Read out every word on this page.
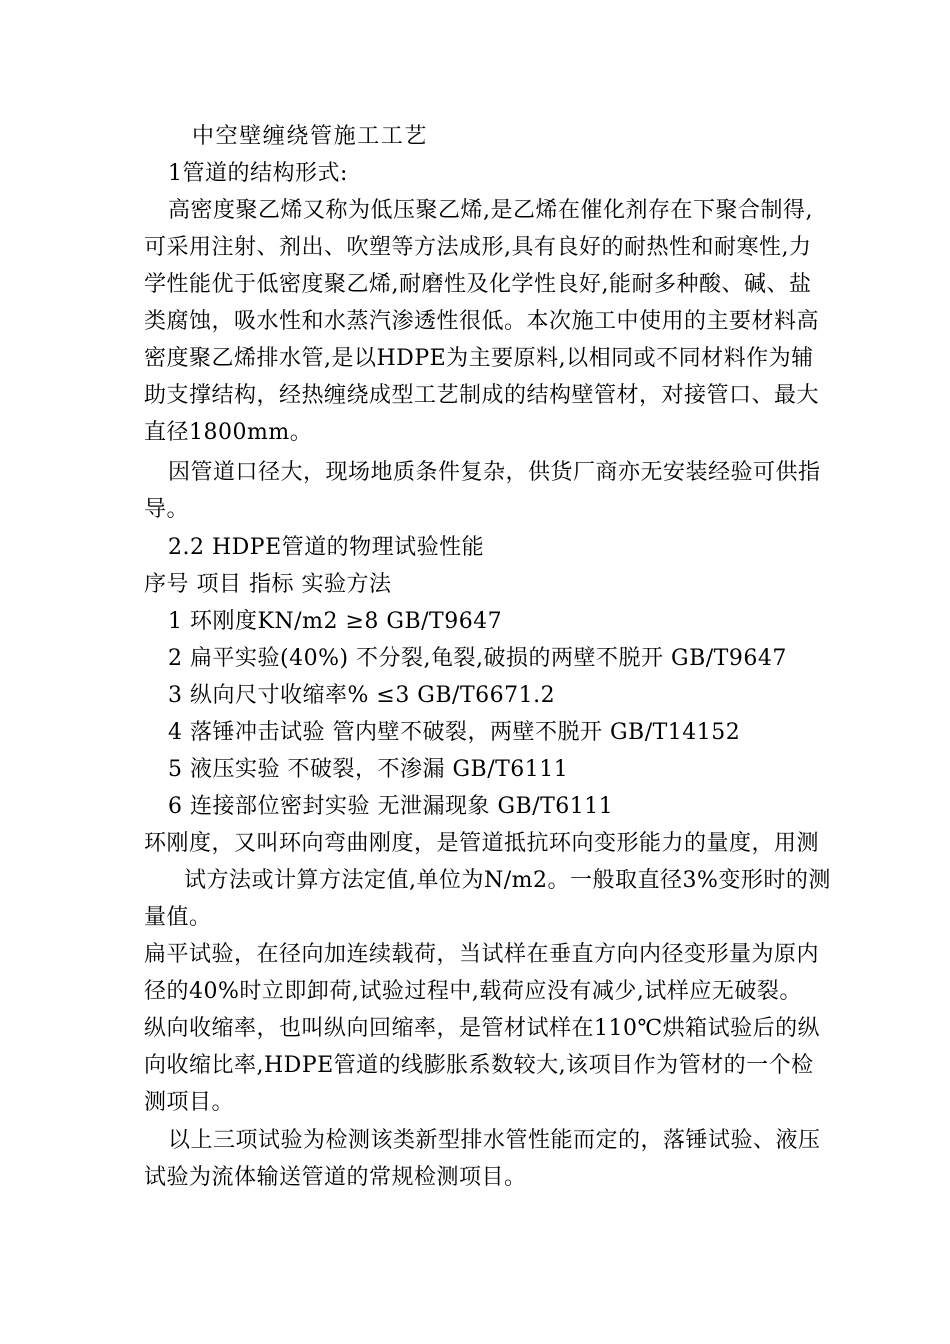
中空壁缠绕管施工工艺
1管道的结构形式:
高密度聚乙烯又称为低压聚乙烯,是乙烯在催化剂存在下聚合制得,
可采用注射、剂出、吹塑等方法成形,具有良好的耐热性和耐寒性,力
学性能优于低密度聚乙烯,耐磨性及化学性良好,能耐多种酸、碱、盐
类腐蚀，吸水性和水蒸汽渗透性很低。本次施工中使用的主要材料高
密度聚乙烯排水管,是以HDPE为主要原料,以相同或不同材料作为辅
助支撑结构，经热缠绕成型工艺制成的结构壁管材，对接管口、最大
直径1800mm。
因管道口径大，现场地质条件复杂，供货厂商亦无安装经验可供指
导。
2.2 HDPE管道的物理试验性能
序号 项目 指标 实验方法
1 环刚度KN/m2 ≥8 GB/T9647
2 扁平实验(40%) 不分裂,龟裂,破损的两壁不脱开 GB/T9647
3 纵向尺寸收缩率% ≤3 GB/T6671.2
4 落锤冲击试验 管内壁不破裂，两壁不脱开 GB/T14152
5 液压实验 不破裂，不渗漏 GB/T6111
6 连接部位密封实验 无泄漏现象 GB/T6111
环刚度，又叫环向弯曲刚度，是管道抵抗环向变形能力的量度，用测
试方法或计算方法定值,单位为N/m2。一般取直径3%变形时的测
量值。
扁平试验，在径向加连续载荷，当试样在垂直方向内径变形量为原内
径的40%时立即卸荷,试验过程中,载荷应没有减少,试样应无破裂。
纵向收缩率，也叫纵向回缩率，是管材试样在110℃烘箱试验后的纵
向收缩比率,HDPE管道的线膨胀系数较大,该项目作为管材的一个检
测项目。
以上三项试验为检测该类新型排水管性能而定的，落锤试验、液压
试验为流体输送管道的常规检测项目。
